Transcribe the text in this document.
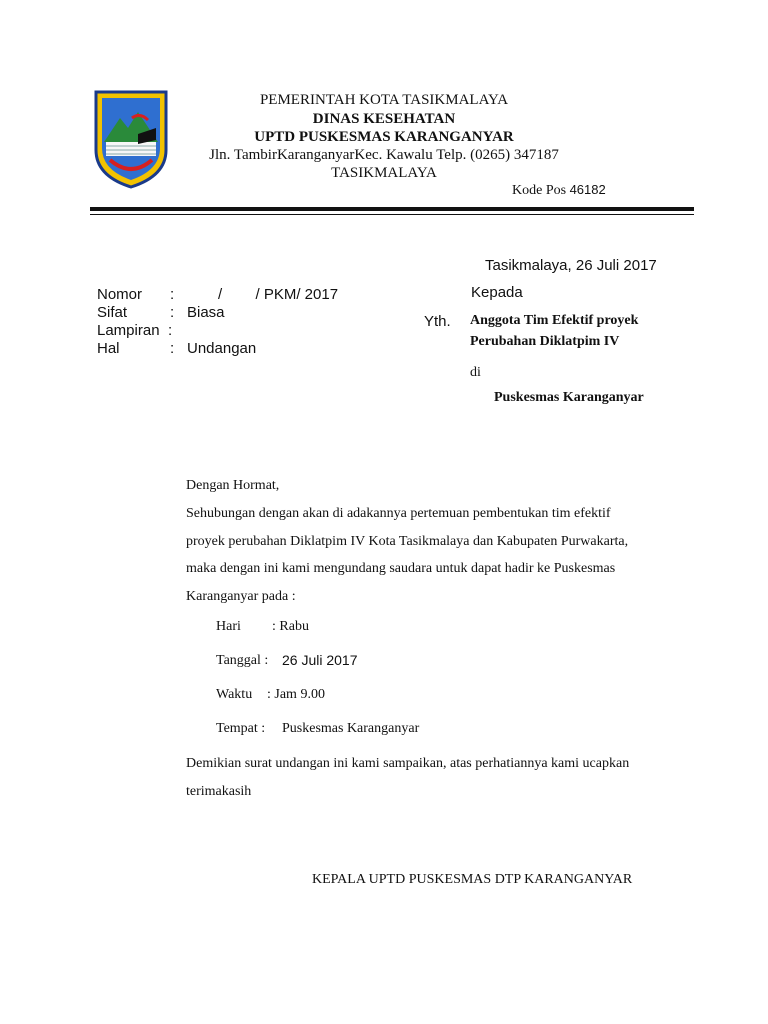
PEMERINTAH KOTA TASIKMALAYA
DINAS KESEHATAN
UPTD PUSKESMAS KARANGANYAR
Jln. TambirKaranganyarKec. Kawalu Telp. (0265) 347187
TASIKMALAYA
Kode Pos 46182
Tasikmalaya, 26 Juli 2017
Nomor :	/        / PKM/ 2017
Sifat	: Biasa
Lampiran :
Hal	: Undangan
Kepada
Yth. Anggota Tim Efektif proyek
Perubahan Diklatpim IV
di
Puskesmas Karanganyar
Dengan Hormat,
Sehubungan dengan akan di adakannya pertemuan pembentukan tim efektif
proyek perubahan Diklatpim IV Kota Tasikmalaya dan Kabupaten Purwakarta,
maka dengan ini kami mengundang saudara untuk dapat hadir ke Puskesmas
Karanganyar pada :
Hari : Rabu
Tanggal : 26 Juli 2017
Waktu : Jam 9.00
Tempat : Puskesmas Karanganyar
Demikian surat undangan ini kami sampaikan, atas perhatiannya kami ucapkan
terimakasih
KEPALA UPTD PUSKESMAS DTP KARANGANYAR
